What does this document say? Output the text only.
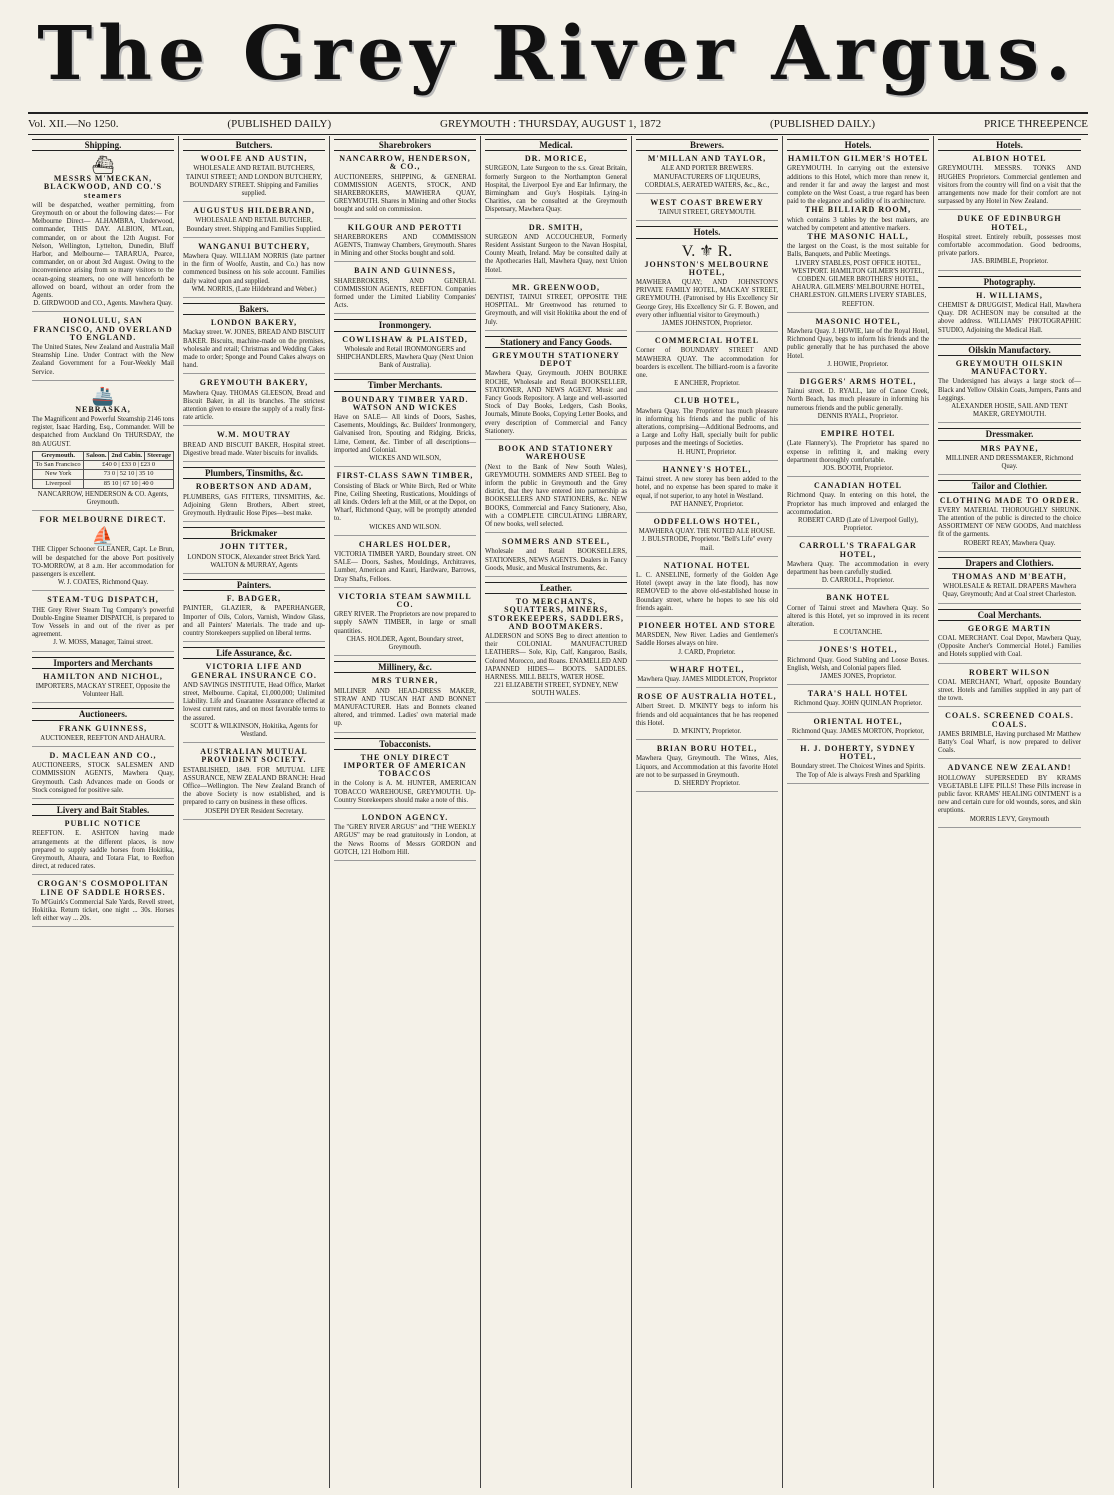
The Grey River Argus.
Vol. XII.—No 1250.	(PUBLISHED DAILY)	GREYMOUTH : THURSDAY, AUGUST 1, 1872	(PUBLISHED DAILY.)	PRICE THREEPENCE
Shipping.
⛴
MESSRS M'MECKAN, BLACKWOOD, AND CO.'S steamers
will be despatched, weather permitting, from Greymouth on or about the following dates:— For Melbourne Direct— ALHAMBRA, Underwood, commander, THIS DAY. ALBION, M'Lean, commander, on or about the 12th August. For Nelson, Wellington, Lyttelton, Dunedin, Bluff Harbor, and Melbourne— TARARUA, Pearce, commander, on or about 3rd August. Owing to the inconvenience arising from so many visitors to the ocean-going steamers, no one will henceforth be allowed on board, without an order from the Agents.
D. GIRDWOOD and CO., Agents. Mawhera Quay.
HONOLULU, SAN FRANCISCO, AND OVERLAND TO ENGLAND.
The United States, New Zealand and Australia Mail Steamship Line. Under Contract with the New Zealand Government for a Four-Weekly Mail Service.
🚢
NEBRASKA,
The Magnificent and Powerful Steamship 2146 tons register, Isaac Harding, Esq., Commander. Will be despatched from Auckland On THURSDAY, the 8th AUGUST.
Greymouth.	Saloon.	2nd Cabin.	Steerage
To San Francisco	£40 0 | £33 0 | £23 0		
New York	73 0 | 52 10 | 35 10		
Liverpool	85 10 | 67 10 | 40 0		
NANCARROW, HENDERSON & CO. Agents, Greymouth.
FOR MELBOURNE DIRECT.
⛵
THE Clipper Schooner GLEANER, Capt. Le Brun, will be despatched for the above Port positively TO-MORROW, at 8 a.m. Her accommodation for passengers is excellent.
W. J. COATES, Richmond Quay.
STEAM-TUG DISPATCH,
THE Grey River Steam Tug Company's powerful Double-Engine Steamer DISPATCH, is prepared to Tow Vessels in and out of the river as per agreement.
J. W. MOSS, Manager, Tainui street.
Importers and Merchants
HAMILTON AND NICHOL,
IMPORTERS, MACKAY STREET, Opposite the Volunteer Hall.
Auctioneers.
FRANK GUINNESS,
AUCTIONEER, REEFTON AND AHAURA.
D. MACLEAN AND CO.,
AUCTIONEERS, STOCK SALESMEN AND COMMISSION AGENTS, Mawhera Quay, Greymouth. Cash Advances made on Goods or Stock consigned for positive sale.
Livery and Bait Stables.
PUBLIC NOTICE
REEFTON. E. ASHTON having made arrangements at the different places, is now prepared to supply saddle horses from Hokitika, Greymouth, Ahaura, and Totara Flat, to Reefton direct, at reduced rates.
CROGAN'S COSMOPOLITAN LINE OF SADDLE HORSES.
To M'Guirk's Commercial Sale Yards, Revell street, Hokitika. Return ticket, one night ... 30s. Horses left either way ... 20s.
Butchers.
WOOLFE AND AUSTIN,
WHOLESALE AND RETAIL BUTCHERS, TAINUI STREET; AND LONDON BUTCHERY, BOUNDARY STREET. Shipping and Families supplied.
AUGUSTUS HILDEBRAND,
WHOLESALE AND RETAIL BUTCHER, Boundary street. Shipping and Families Supplied.
WANGANUI BUTCHERY,
Mawhera Quay. WILLIAM NORRIS (late partner in the firm of Woolfe, Austin, and Co.) has now commenced business on his sole account. Families daily waited upon and supplied.
WM. NORRIS, (Late Hildebrand and Weber.)
Bakers.
LONDON BAKERY,
Mackay street. W. JONES, BREAD AND BISCUIT BAKER. Biscuits, machine-made on the premises, wholesale and retail; Christmas and Wedding Cakes made to order; Sponge and Pound Cakes always on hand.
GREYMOUTH BAKERY,
Mawhera Quay. THOMAS GLEESON, Bread and Biscuit Baker, in all its branches. The strictest attention given to ensure the supply of a really first-rate article.
W.M. MOUTRAY
BREAD AND BISCUIT BAKER, Hospital street. Digestive bread made. Water biscuits for invalids.
Plumbers, Tinsmiths, &c.
ROBERTSON AND ADAM,
PLUMBERS, GAS FITTERS, TINSMITHS, &c. Adjoining Glenn Brothers, Albert street, Greymouth. Hydraulic Hose Pipes—best make.
Brickmaker
JOHN TITTER,
LONDON STOCK, Alexander street Brick Yard. WALTON & MURRAY, Agents
Painters.
F. BADGER,
PAINTER, GLAZIER, & PAPERHANGER, Importer of Oils, Colors, Varnish, Window Glass, and all Painters' Materials. The trade and up-country Storekeepers supplied on liberal terms.
Life Assurance, &c.
VICTORIA LIFE AND GENERAL INSURANCE CO.
AND SAVINGS INSTITUTE, Head Office, Market street, Melbourne. Capital, £1,000,000; Unlimited Liability. Life and Guarantee Assurance effected at lowest current rates, and on most favorable terms to the assured.
SCOTT & WILKINSON, Hokitika, Agents for Westland.
AUSTRALIAN MUTUAL PROVIDENT SOCIETY.
ESTABLISHED, 1849. FOR MUTUAL LIFE ASSURANCE, NEW ZEALAND BRANCH: Head Office—Wellington. The New Zealand Branch of the above Society is now established, and is prepared to carry on business in these offices.
JOSEPH DYER Resident Secretary.
Sharebrokers
NANCARROW, HENDERSON, & CO.,
AUCTIONEERS, SHIPPING, & GENERAL COMMISSION AGENTS, STOCK, AND SHAREBROKERS, MAWHERA QUAY, GREYMOUTH. Shares in Mining and other Stocks bought and sold on commission.
KILGOUR AND PEROTTI
SHAREBROKERS AND COMMISSION AGENTS, Tramway Chambers, Greymouth. Shares in Mining and other Stocks bought and sold.
BAIN AND GUINNESS,
SHAREBROKERS, AND GENERAL COMMISSION AGENTS, REEFTON. Companies formed under the Limited Liability Companies' Acts.
Ironmongery.
COWLISHAW & PLAISTED,
Wholesale and Retail IRONMONGERS and SHIPCHANDLERS, Mawhera Quay (Next Union Bank of Australia).
Timber Merchants.
BOUNDARY TIMBER YARD. WATSON AND WICKES
Have on SALE— All kinds of Doors, Sashes, Casements, Mouldings, &c. Builders' Ironmongery, Galvanised Iron, Spouting and Ridging. Bricks, Lime, Cement, &c. Timber of all descriptions—imported and Colonial.
WICKES AND WILSON,
FIRST-CLASS SAWN TIMBER,
Consisting of Black or White Birch, Red or White Pine, Ceiling Sheeting, Rustications, Mouldings of all kinds. Orders left at the Mill, or at the Depot, on Wharf, Richmond Quay, will be promptly attended to.
WICKES AND WILSON.
CHARLES HOLDER,
VICTORIA TIMBER YARD, Boundary street. ON SALE— Doors, Sashes, Mouldings, Architraves, Lumber, American and Kauri, Hardware, Barrows, Dray Shafts, Felloes.
VICTORIA STEAM SAWMILL CO.
GREY RIVER. The Proprietors are now prepared to supply SAWN TIMBER, in large or small quantities.
CHAS. HOLDER, Agent, Boundary street, Greymouth.
Millinery, &c.
MRS TURNER,
MILLINER AND HEAD-DRESS MAKER, STRAW AND TUSCAN HAT AND BONNET MANUFACTURER. Hats and Bonnets cleaned altered, and trimmed. Ladies' own material made up.
Tobacconists.
THE ONLY DIRECT IMPORTER OF AMERICAN TOBACCOS
in the Colony is A. M. HUNTER, AMERICAN TOBACCO WAREHOUSE, GREYMOUTH. Up-Country Storekeepers should make a note of this.
LONDON AGENCY.
The "GREY RIVER ARGUS" and "THE WEEKLY ARGUS" may be read gratuitously in London, at the News Rooms of Messrs GORDON and GOTCH, 121 Holborn Hill.
Medical.
DR. MORICE,
SURGEON, Late Surgeon to the s.s. Great Britain, formerly Surgeon to the Northampton General Hospital, the Liverpool Eye and Ear Infirmary, the Birmingham and Guy's Hospitals. Lying-in Charities, can be consulted at the Greymouth Dispensary, Mawhera Quay.
DR. SMITH,
SURGEON AND ACCOUCHEUR, Formerly Resident Assistant Surgeon to the Navan Hospital, County Meath, Ireland. May be consulted daily at the Apothecaries Hall, Mawhera Quay, next Union Hotel.
MR. GREENWOOD,
DENTIST, TAINUI STREET, OPPOSITE THE HOSPITAL. Mr Greenwood has returned to Greymouth, and will visit Hokitika about the end of July.
Stationery and Fancy Goods.
GREYMOUTH STATIONERY DEPOT
Mawhera Quay, Greymouth. JOHN BOURKE ROCHE, Wholesale and Retail BOOKSELLER, STATIONER, AND NEWS AGENT. Music and Fancy Goods Repository. A large and well-assorted Stock of Day Books, Ledgers, Cash Books, Journals, Minute Books, Copying Letter Books, and every description of Commercial and Fancy Stationery.
BOOK AND STATIONERY WAREHOUSE
(Next to the Bank of New South Wales), GREYMOUTH. SOMMERS AND STEEL Beg to inform the public in Greymouth and the Grey district, that they have entered into partnership as BOOKSELLERS AND STATIONERS, &c. NEW BOOKS, Commercial and Fancy Stationery, Also, with a COMPLETE CIRCULATING LIBRARY, Of new books, well selected.
SOMMERS AND STEEL,
Wholesale and Retail BOOKSELLERS, STATIONERS, NEWS AGENTS. Dealers in Fancy Goods, Music, and Musical Instruments, &c.
Leather.
TO MERCHANTS, SQUATTERS, MINERS, STOREKEEPERS, SADDLERS, AND BOOTMAKERS.
ALDERSON and SONS Beg to direct attention to their COLONIAL MANUFACTURED LEATHERS— Sole, Kip, Calf, Kangaroo, Basils, Colored Morocco, and Roans. ENAMELLED AND JAPANNED HIDES— BOOTS. SADDLES. HARNESS. MILL BELTS, WATER HOSE.
221 ELIZABETH STREET, SYDNEY, NEW SOUTH WALES.
Brewers.
M'MILLAN AND TAYLOR,
ALE AND PORTER BREWERS. MANUFACTURERS OF LIQUEURS, CORDIALS, AERATED WATERS, &c., &c.,
WEST COAST BREWERY
TAINUI STREET, GREYMOUTH.
Hotels.
V. ⚜ R.
JOHNSTON'S MELBOURNE HOTEL,
MAWHERA QUAY; AND JOHNSTON'S PRIVATE FAMILY HOTEL, MACKAY STREET, GREYMOUTH. (Patronised by His Excellency Sir George Grey, His Excellency Sir G. F. Bowen, and every other influential visitor to Greymouth.)
JAMES JOHNSTON, Proprietor.
COMMERCIAL HOTEL
Corner of BOUNDARY STREET AND MAWHERA QUAY. The accommodation for boarders is excellent. The billiard-room is a favorite one.
E ANCHER, Proprietor.
CLUB HOTEL,
Mawhera Quay. The Proprietor has much pleasure in informing his friends and the public of his alterations, comprising—Additional Bedrooms, and a Large and Lofty Hall, specially built for public purposes and the meetings of Societies.
H. HUNT, Proprietor.
HANNEY'S HOTEL,
Tainui street. A new storey has been added to the hotel, and no expense has been spared to make it equal, if not superior, to any hotel in Westland.
PAT HANNEY, Proprietor.
ODDFELLOWS HOTEL,
MAWHERA QUAY. THE NOTED ALE HOUSE. J. BULSTRODE, Proprietor. "Bell's Life" every mail.
NATIONAL HOTEL
L. C. ANSELINE, formerly of the Golden Age Hotel (swept away in the late flood), has now REMOVED to the above old-established house in Boundary street, where he hopes to see his old friends again.
PIONEER HOTEL AND STORE
MARSDEN, New River. Ladies and Gentlemen's Saddle Horses always on hire.
J. CARD, Proprietor.
WHARF HOTEL,
Mawhera Quay. JAMES MIDDLETON, Proprietor
ROSE OF AUSTRALIA HOTEL,
Albert Street. D. M'KINTY begs to inform his friends and old acquaintances that he has reopened this Hotel.
D. M'KINTY, Proprietor.
BRIAN BORU HOTEL,
Mawhera Quay, Greymouth. The Wines, Ales, Liquors, and Accommodation at this favorite Hotel are not to be surpassed in Greymouth.
D. SHERDY Proprietor.
Hotels.
HAMILTON GILMER'S HOTEL
GREYMOUTH. In carrying out the extensive additions to this Hotel, which more than renew it, and render it far and away the largest and most complete on the West Coast, a true regard has been paid to the elegance and solidity of its architecture.
THE BILLIARD ROOM,
which contains 3 tables by the best makers, are watched by competent and attentive markers.
THE MASONIC HALL,
the largest on the Coast, is the most suitable for Balls, Banquets, and Public Meetings.
LIVERY STABLES, POST OFFICE HOTEL, WESTPORT. HAMILTON GILMER'S HOTEL, COBDEN. GILMER BROTHERS' HOTEL, AHAURA. GILMERS' MELBOURNE HOTEL, CHARLESTON. GILMERS LIVERY STABLES, REEFTON.
MASONIC HOTEL,
Mawhera Quay. J. HOWIE, late of the Royal Hotel, Richmond Quay, begs to inform his friends and the public generally that he has purchased the above Hotel.
J. HOWIE, Proprietor.
DIGGERS' ARMS HOTEL,
Tainui street. D. RYALL, late of Canoe Creek, North Beach, has much pleasure in informing his numerous friends and the public generally.
DENNIS RYALL, Proprietor.
EMPIRE HOTEL
(Late Flannery's). The Proprietor has spared no expense in refitting it, and making every department thoroughly comfortable.
JOS. BOOTH, Proprietor.
CANADIAN HOTEL
Richmond Quay. In entering on this hotel, the Proprietor has much improved and enlarged the accommodation.
ROBERT CARD (Late of Liverpool Gully), Proprietor.
CARROLL'S TRAFALGAR HOTEL,
Mawhera Quay. The accommodation in every department has been carefully studied.
D. CARROLL, Proprietor.
BANK HOTEL
Corner of Tainui street and Mawhera Quay. So altered is this Hotel, yet so improved in its recent alteration.
E COUTANCHE.
JONES'S HOTEL,
Richmond Quay. Good Stabling and Loose Boxes. English, Welsh, and Colonial papers filed.
JAMES JONES, Proprietor.
TARA'S HALL HOTEL
Richmond Quay. JOHN QUINLAN Proprietor.
ORIENTAL HOTEL,
Richmond Quay. JAMES MORTON, Proprietor,
H. J. DOHERTY, SYDNEY HOTEL,
Boundary street. The Choicest Wines and Spirits. The Top of Ale is always Fresh and Sparkling
Hotels.
ALBION HOTEL
GREYMOUTH. MESSRS. TONKS AND HUGHES Proprietors. Commercial gentlemen and visitors from the country will find on a visit that the arrangements now made for their comfort are not surpassed by any Hotel in New Zealand.
DUKE OF EDINBURGH HOTEL,
Hospital street. Entirely rebuilt, possesses most comfortable accommodation. Good bedrooms, private parlors.
JAS. BRIMBLE, Proprietor.
Photography.
H. WILLIAMS,
CHEMIST & DRUGGIST, Medical Hall, Mawhera Quay. DR ACHESON may be consulted at the above address. WILLIAMS' PHOTOGRAPHIC STUDIO, Adjoining the Medical Hall.
Oilskin Manufactory.
GREYMOUTH OILSKIN MANUFACTORY.
The Undersigned has always a large stock of— Black and Yellow Oilskin Coats, Jumpers, Pants and Leggings.
ALEXANDER HOSIE, SAIL AND TENT MAKER, GREYMOUTH.
Dressmaker.
MRS PAYNE,
MILLINER AND DRESSMAKER, Richmond Quay.
Tailor and Clothier.
CLOTHING MADE TO ORDER.
EVERY MATERIAL THOROUGHLY SHRUNK. The attention of the public is directed to the choice ASSORTMENT OF NEW GOODS, And matchless fit of the garments.
ROBERT REAY, Mawhera Quay.
Drapers and Clothiers.
THOMAS AND M'BEATH,
WHOLESALE & RETAIL DRAPERS Mawhera Quay, Greymouth; And at Coal street Charleston.
Coal Merchants.
GEORGE MARTIN
COAL MERCHANT. Coal Depot, Mawhera Quay, (Opposite Ancher's Commercial Hotel.) Families and Hotels supplied with Coal.
ROBERT WILSON
COAL MERCHANT, Wharf, opposite Boundary street. Hotels and families supplied in any part of the town.
COALS. SCREENED COALS. COALS.
JAMES BRIMBLE, Having purchased Mr Matthew Batty's Coal Wharf, is now prepared to deliver Coals.
ADVANCE NEW ZEALAND!
HOLLOWAY SUPERSEDED BY KRAMS VEGETABLE LIFE PILLS! These Pills increase in public favor. KRAMS' HEALING OINTMENT is a new and certain cure for old wounds, sores, and skin eruptions.
MORRIS LEVY, Greymouth
